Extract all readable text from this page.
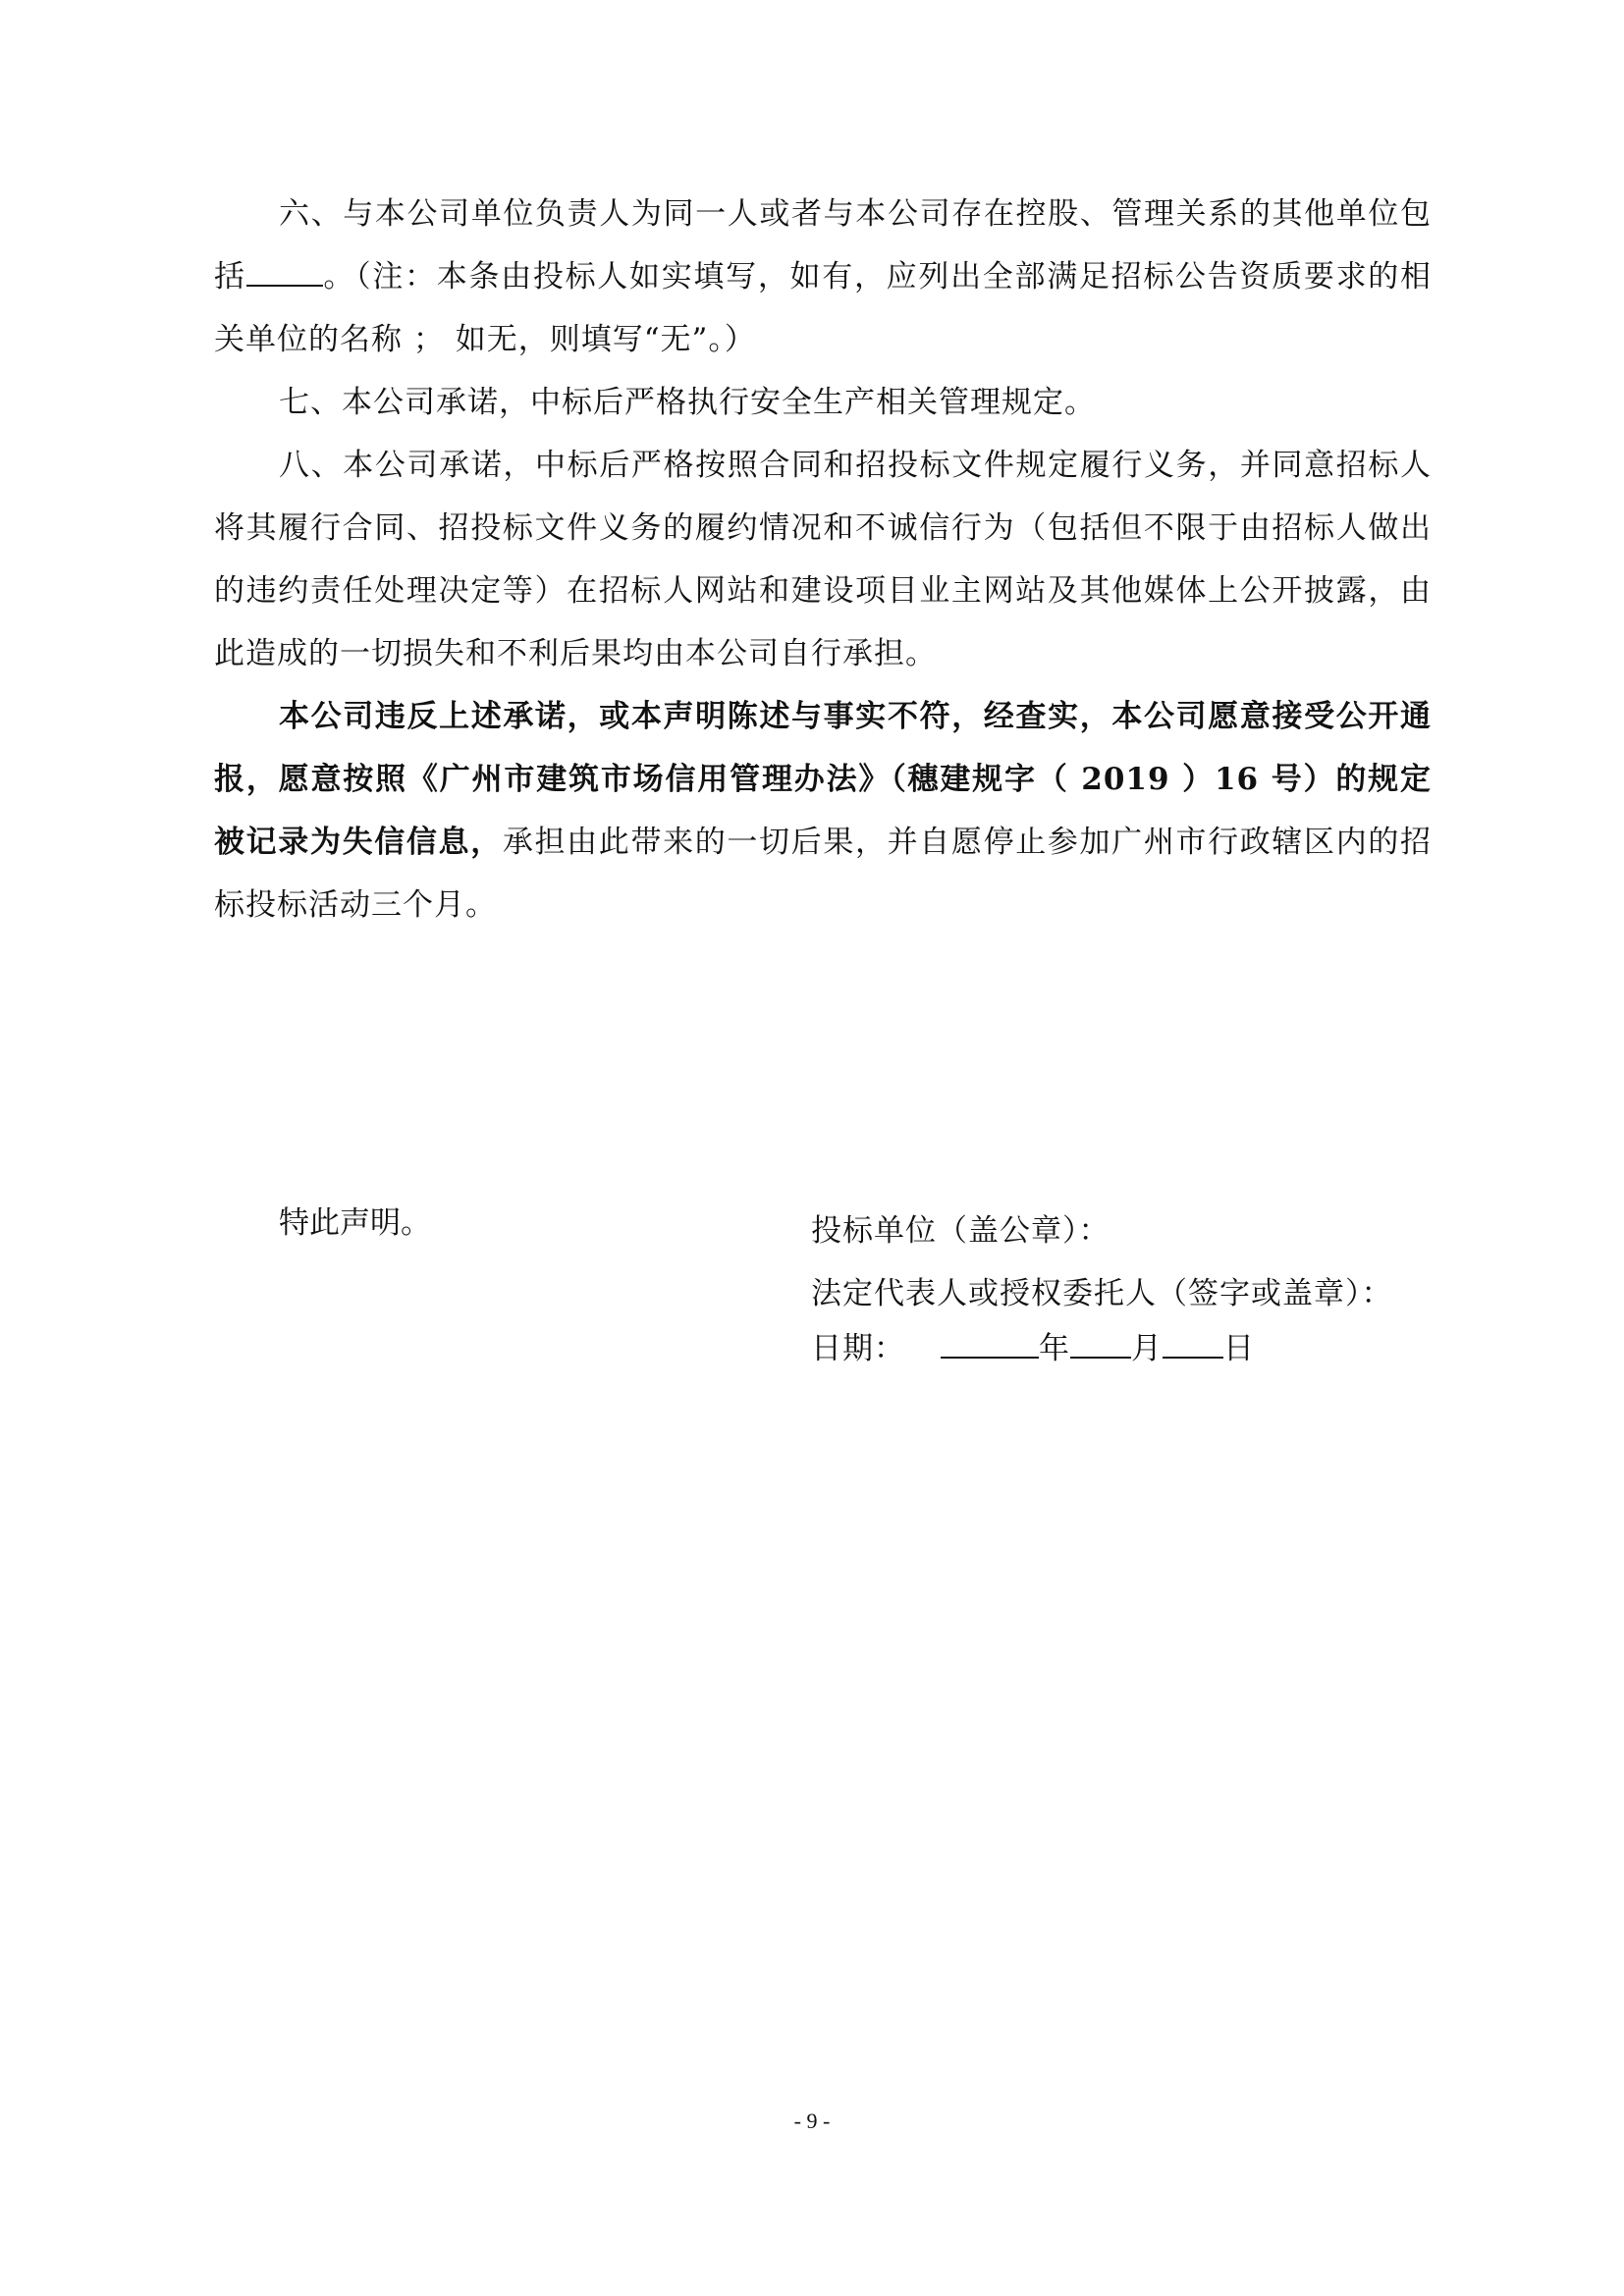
六、与本公司单位负责人为同一人或者与本公司存在控股、管理关系的其他单位包括	。（注：本条由投标人如实填写，如有，应列出全部满足招标公告资质要求的相关单位的名称 ； 如无，则填写“无”。）

七、本公司承诺，中标后严格执行安全生产相关管理规定。

八、本公司承诺，中标后严格按照合同和招投标文件规定履行义务，并同意招标人将其履行合同、招投标文件义务的履约情况和不诚信行为（包括但不限于由招标人做出的违约责任处理决定等）在招标人网站和建设项目业主网站及其他媒体上公开披露，由此造成的一切损失和不利后果均由本公司自行承担。

本公司违反上述承诺，或本声明陈述与事实不符，经查实，本公司愿意接受公开通报，愿意按照《广州市建筑市场信用管理办法》（穗建规字（ 2019 ）16 号）的规定被记录为失信信息，承担由此带来的一切后果，并自愿停止参加广州市行政辖区内的招标投标活动三个月。

特此声明。	投标单位（盖公章）：

法定代表人或授权委托人（签字或盖章）：

日期：	年 月 日

- 9 -
